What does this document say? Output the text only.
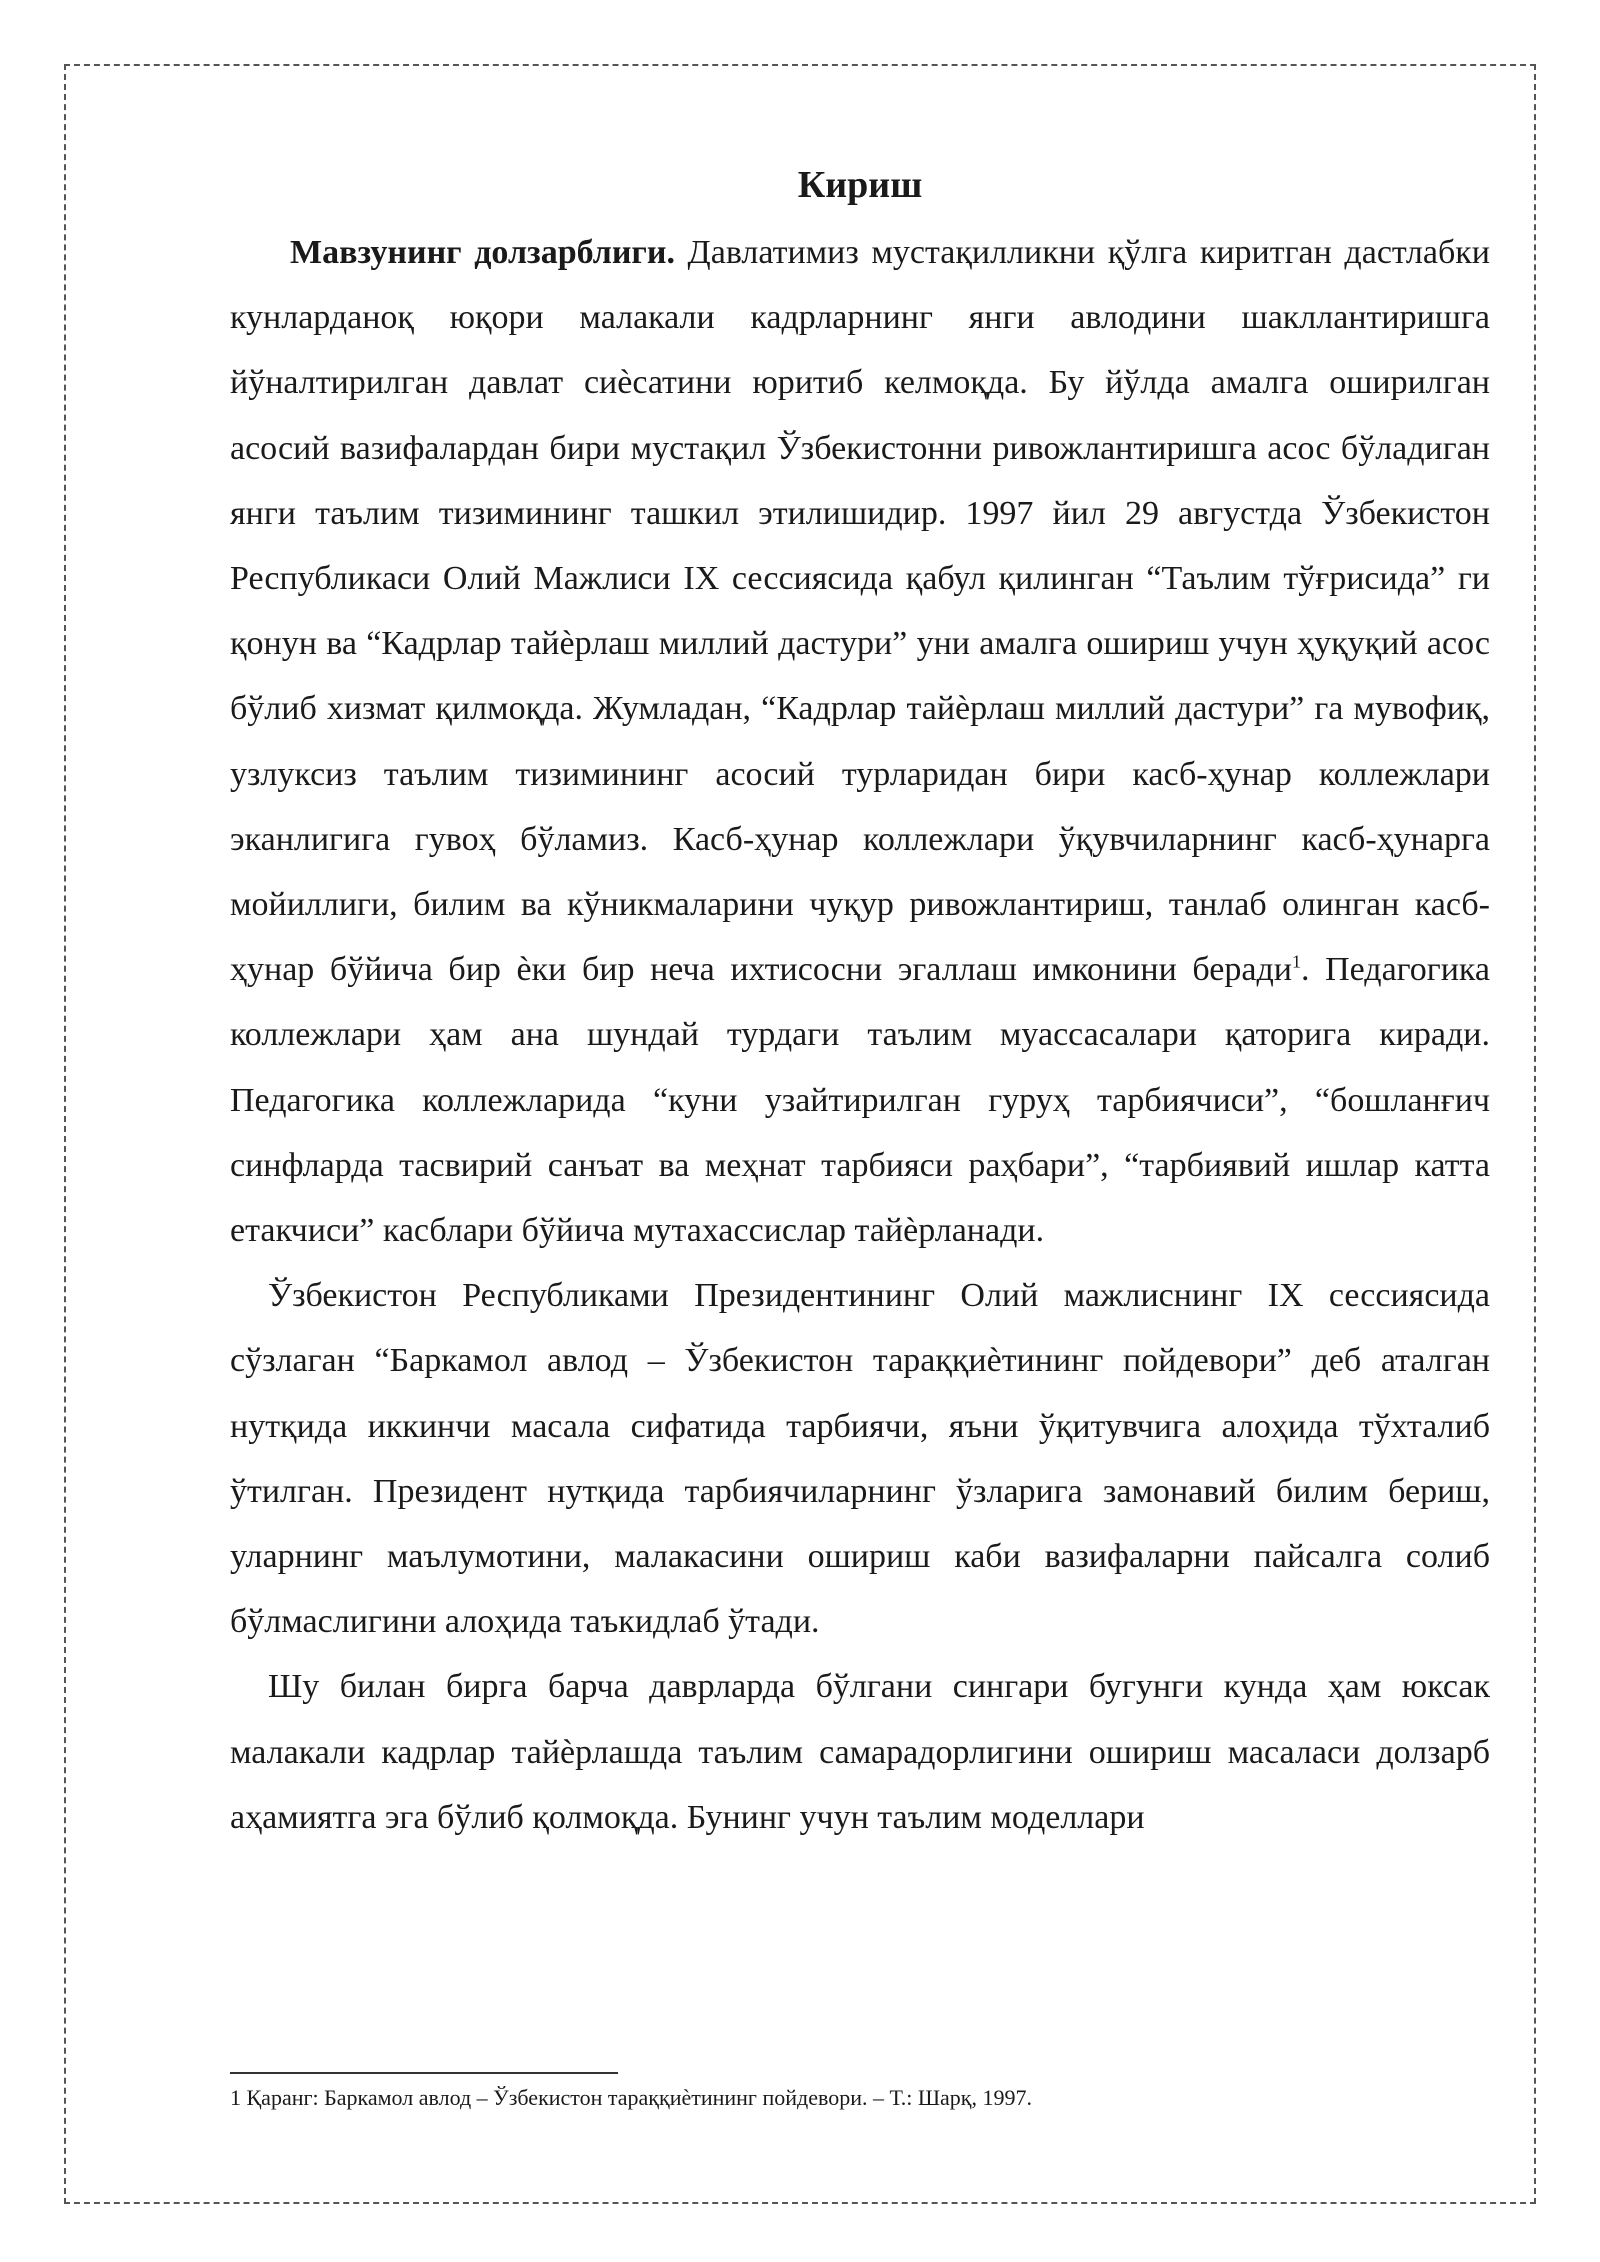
Кириш

Мавзунинг долзарблиги. Давлатимиз мустақилликни қўлга киритган дастлабки кунларданоқ юқори малакали кадрларнинг янги авлодини шакллантиришга йўналтирилган давлат сиѐсатини юритиб келмоқда. Бу йўлда амалга оширилган асосий вазифалардан бири мустақил Ўзбекистонни ривожлантиришга асос бўладиган янги таълим тизимининг ташкил этилишидир. 1997 йил 29 августда Ўзбекистон Республикаси Олий Мажлиси IX сессиясида қабул қилинган “Таълим тўғрисида” ги қонун ва “Кадрлар тайѐрлаш миллий дастури” уни амалга ошириш учун ҳуқуқий асос бўлиб хизмат қилмоқда. Жумладан, “Кадрлар тайѐрлаш миллий дастури” га мувофиқ, узлуксиз таълим тизимининг асосий турларидан бири касб-ҳунар коллежлари эканлигига гувоҳ бўламиз. Касб-ҳунар коллежлари ўқувчиларнинг касб-ҳунарга мойиллиги, билим ва кўникмаларини чуқур ривожлантириш, танлаб олинган касб-ҳунар бўйича бир ѐки бир неча ихтисосни эгаллаш имконини беради$^1$. Педагогика коллежлари ҳам ана шундай турдаги таълим муассасалари қаторига киради. Педагогика коллежларида “куни узайтирилган гуруҳ тарбиячиси”, “бошланғич синфларда тасвирий санъат ва меҳнат тарбияси раҳбари”, “тарбиявий ишлар катта етакчиси” касблари бўйича мутахассислар тайѐрланади.

Ўзбекистон Республиками Президентининг Олий мажлиснинг IX сессиясида сўзлаган “Баркамол авлод – Ўзбекистон тараққиѐтининг пойдевори” деб аталган нутқида иккинчи масала сифатида тарбиячи, яъни ўқитувчига алоҳида тўхталиб ўтилган. Президент нутқида тарбиячиларнинг ўзларига замонавий билим бериш, уларнинг маълумотини, малакасини ошириш каби вазифаларни пайсалга солиб бўлмаслигини алоҳида таъкидлаб ўтади.

Шу билан бирга барча даврларда бўлгани сингари бугунги кунда ҳам юксак малакали кадрлар тайѐрлашда таълим самарадорлигини ошириш масаласи долзарб аҳамиятга эга бўлиб қолмоқда. Бунинг учун таълим моделлари

1 Қаранг: Баркамол авлод – Ўзбекистон тараққиѐтининг пойдевори. – Т.: Шарқ, 1997.
